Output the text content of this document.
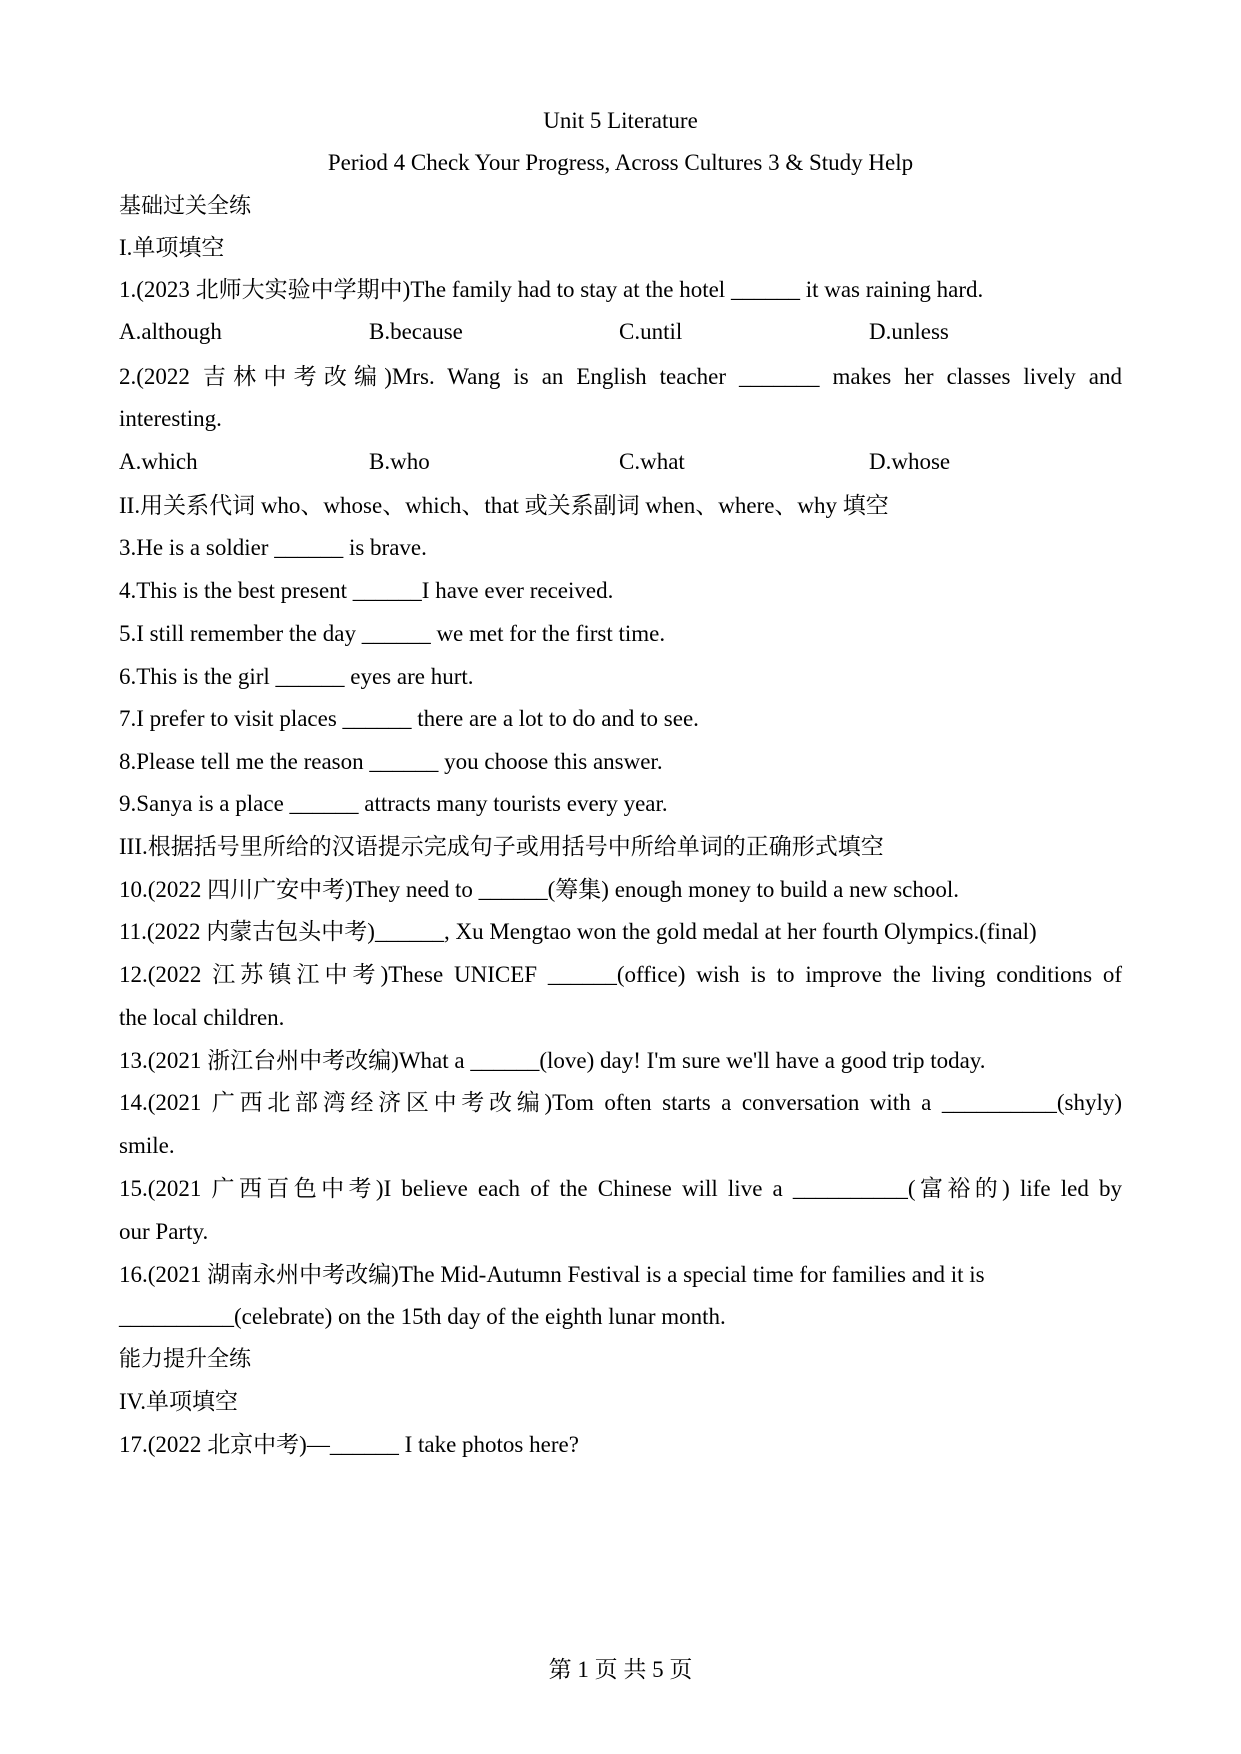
Unit 5 Literature
Period 4 Check Your Progress, Across Cultures 3 & Study Help
基础过关全练
I.单项填空
1.(2023 北师大实验中学期中)The family had to stay at the hotel ______ it was raining hard.
A.although	B.because	C.until	D.unless
2.(2022 吉林中考改编)Mrs. Wang is an English teacher _______ makes her classes lively and
interesting.
A.which	B.who	C.what	D.whose
II.用关系代词 who、whose、which、that 或关系副词 when、where、why 填空
3.He is a soldier ______ is brave.
4.This is the best present ______I have ever received.
5.I still remember the day ______ we met for the first time.
6.This is the girl ______ eyes are hurt.
7.I prefer to visit places ______ there are a lot to do and to see.
8.Please tell me the reason ______ you choose this answer.
9.Sanya is a place ______ attracts many tourists every year.
III.根据括号里所给的汉语提示完成句子或用括号中所给单词的正确形式填空
10.(2022 四川广安中考)They need to ______(筹集) enough money to build a new school.
11.(2022 内蒙古包头中考)______, Xu Mengtao won the gold medal at her fourth Olympics.(final)
12.(2022 江苏镇江中考)These UNICEF ______(office) wish is to improve the living conditions of
the local children.
13.(2021 浙江台州中考改编)What a ______(love) day! I'm sure we'll have a good trip today.
14.(2021 广西北部湾经济区中考改编)Tom often starts a conversation with a __________(shyly)
smile.
15.(2021 广西百色中考)I believe each of the Chinese will live a __________(富裕的) life led by
our Party.
16.(2021 湖南永州中考改编)The Mid-Autumn Festival is a special time for families and it is
__________(celebrate) on the 15th day of the eighth lunar month.
能力提升全练
IV.单项填空
17.(2022 北京中考)—______ I take photos here?
第 1 页 共 5 页
